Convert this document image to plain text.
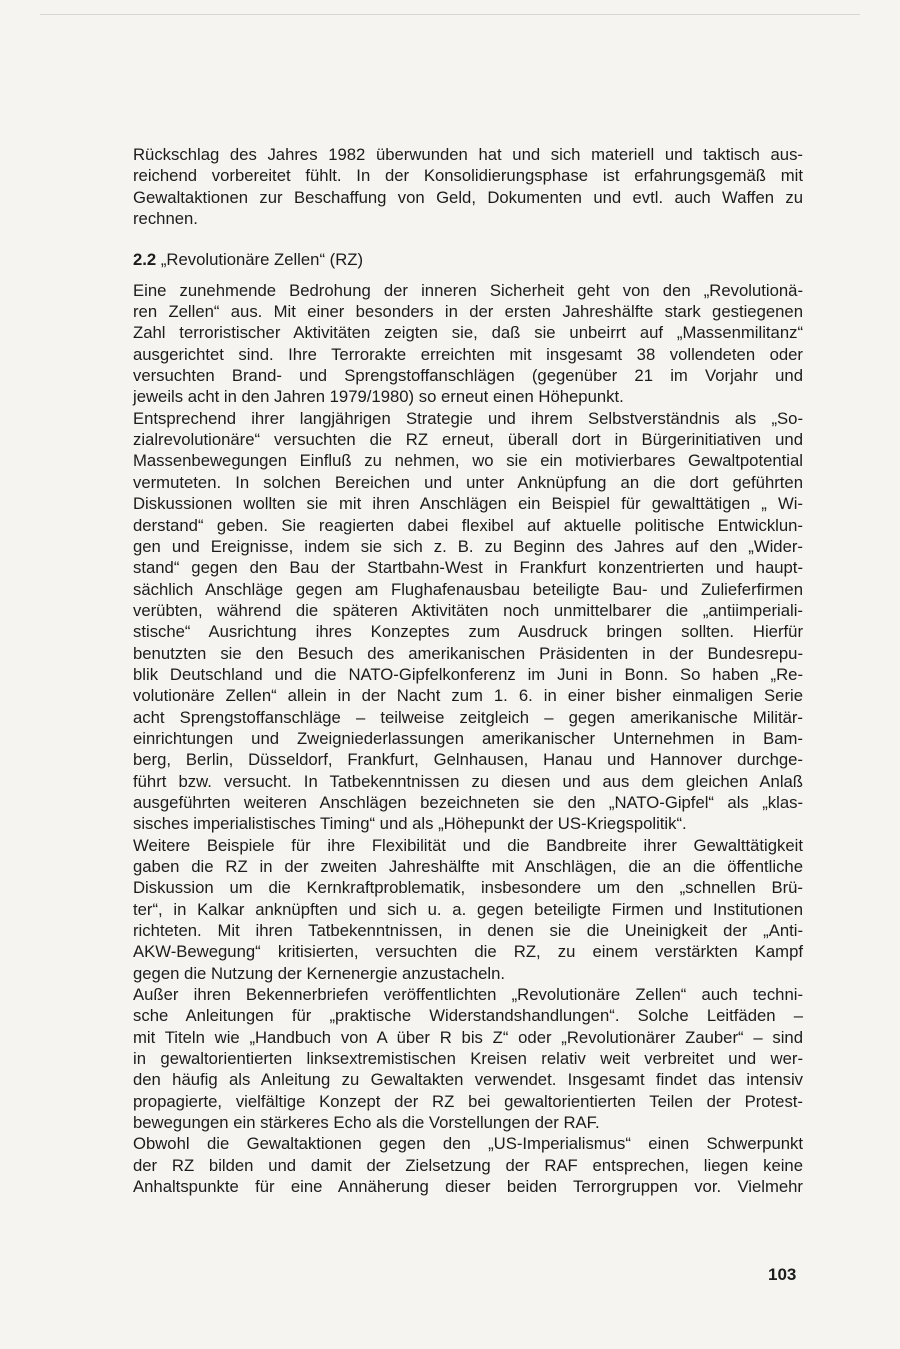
Rückschlag des Jahres 1982 überwunden hat und sich materiell und taktisch aus-
reichend vorbereitet fühlt. In der Konsolidierungsphase ist erfahrungsgemäß mit
Gewaltaktionen zur Beschaffung von Geld, Dokumenten und evtl. auch Waffen zu
rechnen.
2.2 „Revolutionäre Zellen“ (RZ)
Eine zunehmende Bedrohung der inneren Sicherheit geht von den „Revolutionä-
ren Zellen“ aus. Mit einer besonders in der ersten Jahreshälfte stark gestiegenen
Zahl terroristischer Aktivitäten zeigten sie, daß sie unbeirrt auf „Massenmilitanz“
ausgerichtet sind. Ihre Terrorakte erreichten mit insgesamt 38 vollendeten oder
versuchten Brand- und Sprengstoffanschlägen (gegenüber 21 im Vorjahr und
jeweils acht in den Jahren 1979/1980) so erneut einen Höhepunkt.
Entsprechend ihrer langjährigen Strategie und ihrem Selbstverständnis als „So-
zialrevolutionäre“ versuchten die RZ erneut, überall dort in Bürgerinitiativen und
Massenbewegungen Einfluß zu nehmen, wo sie ein motivierbares Gewaltpotential
vermuteten. In solchen Bereichen und unter Anknüpfung an die dort geführten
Diskussionen wollten sie mit ihren Anschlägen ein Beispiel für gewalttätigen „ Wi-
derstand“ geben. Sie reagierten dabei flexibel auf aktuelle politische Entwicklun-
gen und Ereignisse, indem sie sich z. B. zu Beginn des Jahres auf den „Wider-
stand“ gegen den Bau der Startbahn-West in Frankfurt konzentrierten und haupt-
sächlich Anschläge gegen am Flughafenausbau beteiligte Bau- und Zulieferfirmen
verübten, während die späteren Aktivitäten noch unmittelbarer die „antiimperiali-
stische“ Ausrichtung ihres Konzeptes zum Ausdruck bringen sollten. Hierfür
benutzten sie den Besuch des amerikanischen Präsidenten in der Bundesrepu-
blik Deutschland und die NATO-Gipfelkonferenz im Juni in Bonn. So haben „Re-
volutionäre Zellen“ allein in der Nacht zum 1. 6. in einer bisher einmaligen Serie
acht Sprengstoffanschläge – teilweise zeitgleich – gegen amerikanische Militär-
einrichtungen und Zweigniederlassungen amerikanischer Unternehmen in Bam-
berg, Berlin, Düsseldorf, Frankfurt, Gelnhausen, Hanau und Hannover durchge-
führt bzw. versucht. In Tatbekenntnissen zu diesen und aus dem gleichen Anlaß
ausgeführten weiteren Anschlägen bezeichneten sie den „NATO-Gipfel“ als „klas-
sisches imperialistisches Timing“ und als „Höhepunkt der US-Kriegspolitik“.
Weitere Beispiele für ihre Flexibilität und die Bandbreite ihrer Gewalttätigkeit
gaben die RZ in der zweiten Jahreshälfte mit Anschlägen, die an die öffentliche
Diskussion um die Kernkraftproblematik, insbesondere um den „schnellen Brü-
ter“, in Kalkar anknüpften und sich u. a. gegen beteiligte Firmen und Institutionen
richteten. Mit ihren Tatbekenntnissen, in denen sie die Uneinigkeit der „Anti-
AKW-Bewegung“ kritisierten, versuchten die RZ, zu einem verstärkten Kampf
gegen die Nutzung der Kernenergie anzustacheln.
Außer ihren Bekennerbriefen veröffentlichten „Revolutionäre Zellen“ auch techni-
sche Anleitungen für „praktische Widerstandshandlungen“. Solche Leitfäden –
mit Titeln wie „Handbuch von A über R bis Z“ oder „Revolutionärer Zauber“ – sind
in gewaltorientierten linksextremistischen Kreisen relativ weit verbreitet und wer-
den häufig als Anleitung zu Gewaltakten verwendet. Insgesamt findet das intensiv
propagierte, vielfältige Konzept der RZ bei gewaltorientierten Teilen der Protest-
bewegungen ein stärkeres Echo als die Vorstellungen der RAF.
Obwohl die Gewaltaktionen gegen den „US-Imperialismus“ einen Schwerpunkt
der RZ bilden und damit der Zielsetzung der RAF entsprechen, liegen keine
Anhaltspunkte für eine Annäherung dieser beiden Terrorgruppen vor. Vielmehr
103
